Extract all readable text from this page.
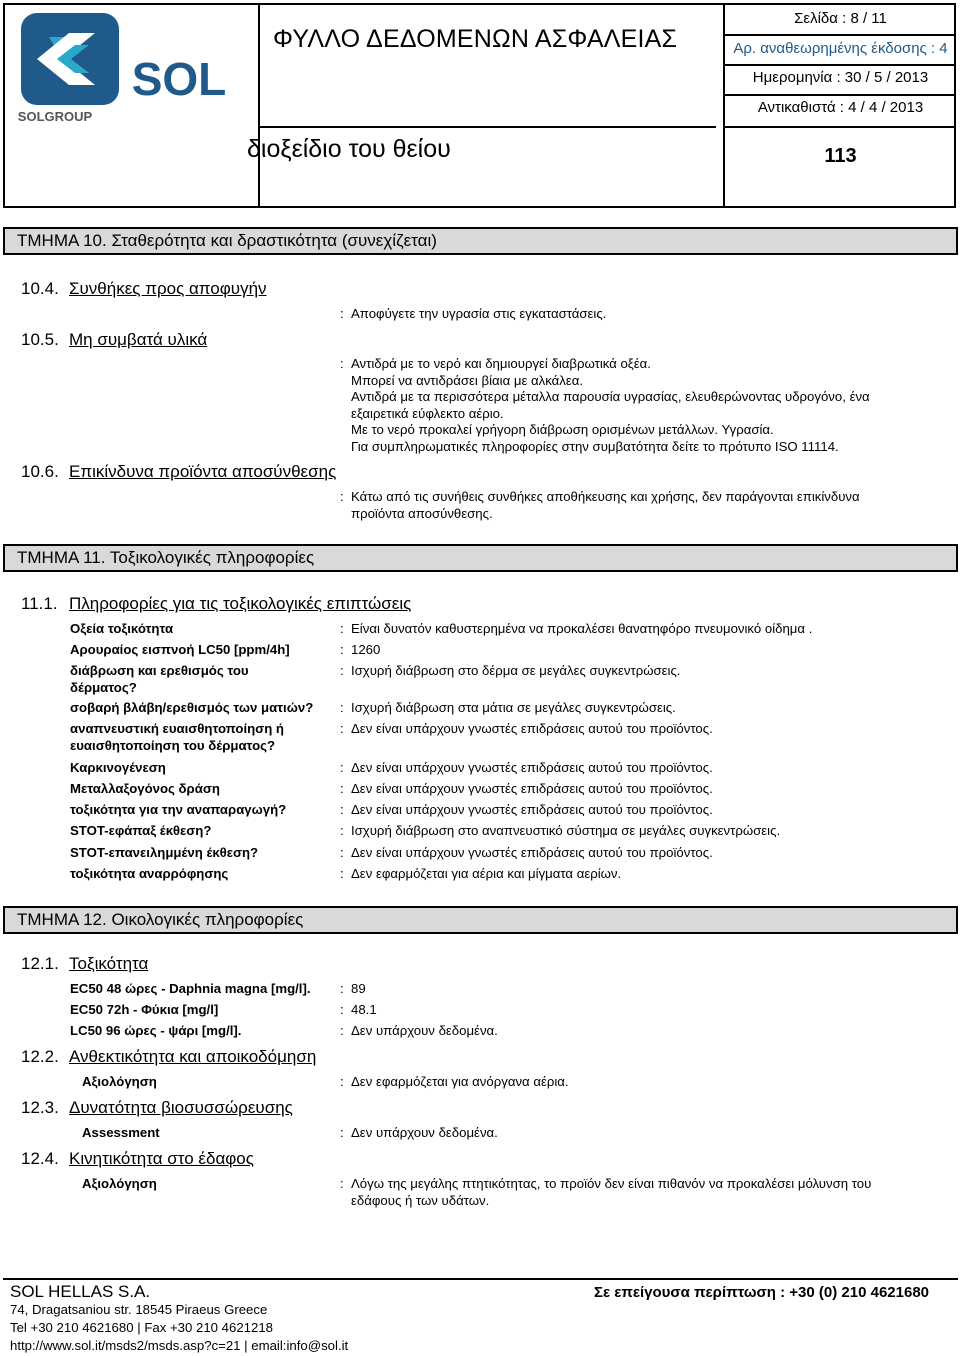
SOL
SOLGROUP
ΦΥΛΛΟ ΔΕΔΟΜΕΝΩΝ ΑΣΦΑΛΕΙΑΣ
διοξείδιο του θείου
Σελίδα : 8 / 11
Αρ. αναθεωρημένης έκδοσης : 4
Ημερομηνία : 30 / 5 / 2013
Αντικαθιστά : 4 / 4 / 2013
113
ΤΜΗΜΑ 10. Σταθερότητα και δραστικότητα (συνεχίζεται)
10.4. Συνθήκες προς αποφυγήν
: Αποφύγετε την υγρασία στις εγκαταστάσεις.
10.5. Μη συμβατά υλικά
: Αντιδρά με το νερό και δημιουργεί διαβρωτικά οξέα.
Μπορεί να αντιδράσει βίαια με αλκάλεα.
Αντιδρά με τα περισσότερα μέταλλα παρουσία υγρασίας, ελευθερώνοντας υδρογόνο, ένα
εξαιρετικά εύφλεκτο αέριο.
Με το νερό προκαλεί γρήγορη διάβρωση ορισμένων μετάλλων. Υγρασία.
Για συμπληρωματικές πληροφορίες στην συμβατότητα δείτε το πρότυπο ISO 11114.
10.6. Επικίνδυνα προϊόντα αποσύνθεσης
: Κάτω από τις συνήθεις συνθήκες αποθήκευσης και χρήσης, δεν παράγονται επικίνδυνα
προϊόντα αποσύνθεσης.
ΤΜΗΜΑ 11. Τοξικολογικές πληροφορίες
11.1. Πληροφορίες για τις τοξικολογικές επιπτώσεις
Οξεία τοξικότητα	: Είναι δυνατόν καθυστερημένα να προκαλέσει θανατηφόρο πνευμονικό οίδημα .
Αρουραίος εισπνοή LC50 [ppm/4h]	: 1260
διάβρωση και ερεθισμός του
δέρματος?
: Ισχυρή διάβρωση στο δέρμα σε μεγάλες συγκεντρώσεις.
σοβαρή βλάβη/ερεθισμός των ματιών? : Ισχυρή διάβρωση στα μάτια σε μεγάλες συγκεντρώσεις.
αναπνευστική ευαισθητοποίηση ή
ευαισθητοποίηση του δέρματος?
: Δεν είναι υπάρχουν γνωστές επιδράσεις αυτού του προϊόντος.
Καρκινογένεση	: Δεν είναι υπάρχουν γνωστές επιδράσεις αυτού του προϊόντος.
Μεταλλαξογόνος δράση	: Δεν είναι υπάρχουν γνωστές επιδράσεις αυτού του προϊόντος.
τοξικότητα για την αναπαραγωγή?	: Δεν είναι υπάρχουν γνωστές επιδράσεις αυτού του προϊόντος.
STOT-εφάπαξ έκθεση?	: Ισχυρή διάβρωση στο αναπνευστικό σύστημα σε μεγάλες συγκεντρώσεις.
STOT-επανειλημμένη έκθεση?	: Δεν είναι υπάρχουν γνωστές επιδράσεις αυτού του προϊόντος.
τοξικότητα αναρρόφησης	: Δεν εφαρμόζεται για αέρια και μίγματα αερίων.
ΤΜΗΜΑ 12. Οικολογικές πληροφορίες
12.1. Τοξικότητα
EC50 48 ώρες - Daphnia magna [mg/l]. : 89
EC50 72h - Φύκια [mg/l]	: 48.1
LC50 96 ώρες - ψάρι [mg/l].	: Δεν υπάρχουν δεδομένα.
12.2. Ανθεκτικότητα και αποικοδόμηση
Αξιολόγηση	: Δεν εφαρμόζεται για ανόργανα αέρια.
12.3. Δυνατότητα βιοσυσσώρευσης
Assessment	: Δεν υπάρχουν δεδομένα.
12.4. Κινητικότητα στο έδαφος
Αξιολόγηση	: Λόγω της μεγάλης πτητικότητας, το προϊόν δεν είναι πιθανόν να προκαλέσει μόλυνση του
εδάφους ή των υδάτων.
SOL HELLAS S.A.
74, Dragatsaniou str. 18545 Piraeus Greece
Tel +30 210 4621680 | Fax +30 210 4621218
http://www.sol.it/msds2/msds.asp?c=21 | email:info@sol.it
Σε επείγουσα περίπτωση : +30 (0) 210 4621680
